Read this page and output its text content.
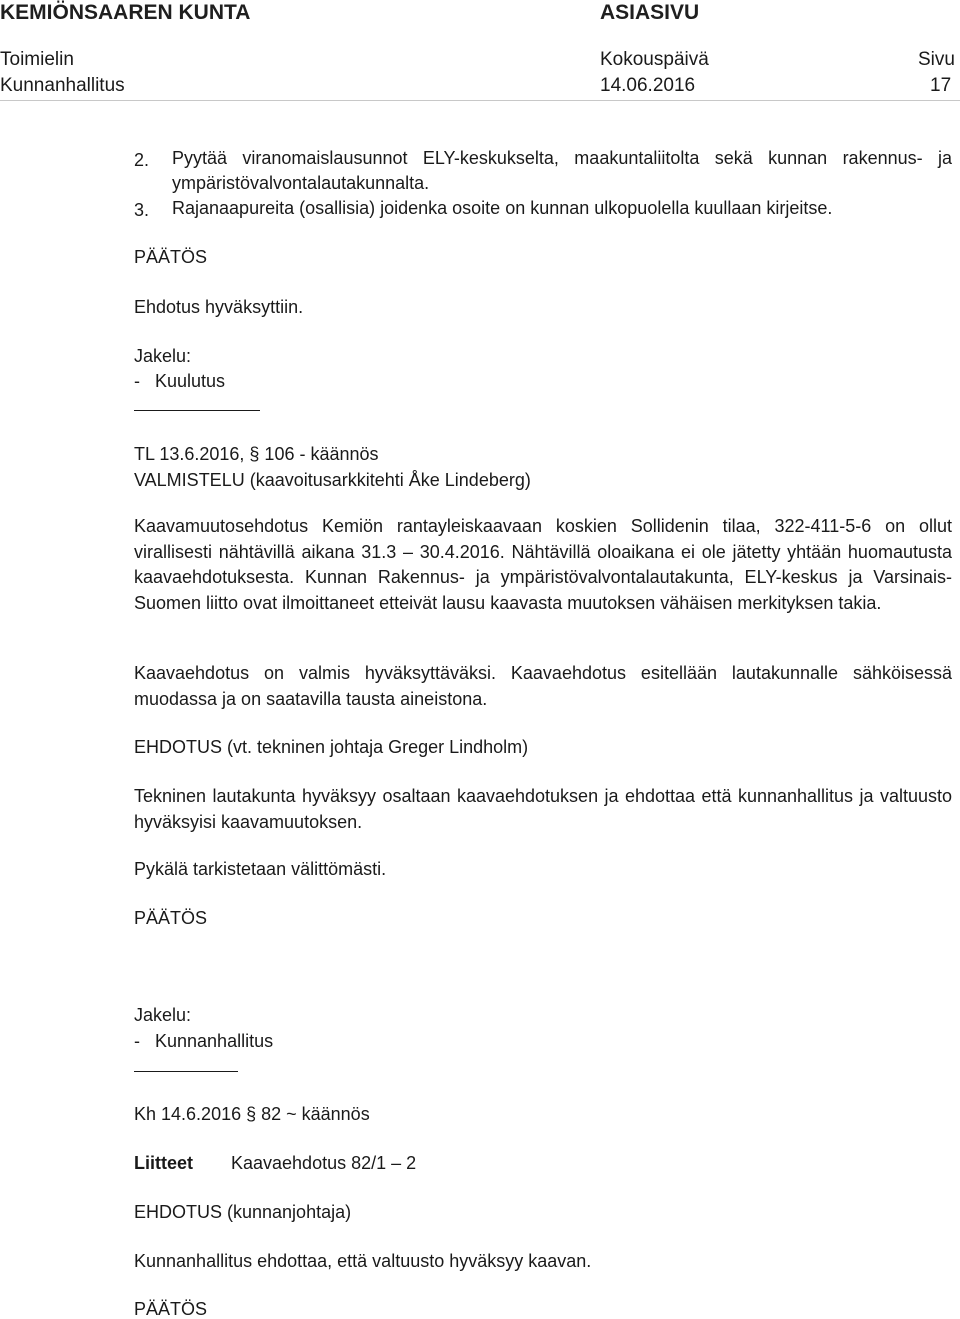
KEMIÖNSAAREN KUNTA	ASIASIVU
Toimielin	Kokouspäivä	Sivu
Kunnanhallitus	14.06.2016	17
2. Pyytää viranomaislausunnot ELY-keskukselta, maakuntaliitolta sekä kunnan rakennus- ja ympäristövalvontalautakunnalta.
3. Rajanaapureita (osallisia) joidenka osoite on kunnan ulkopuolella kuullaan kirjeitse.
PÄÄTÖS
Ehdotus hyväksyttiin.
Jakelu:
-   Kuulutus
TL 13.6.2016, § 106 - käännös
VALMISTELU (kaavoitusarkkitehti Åke Lindeberg)
Kaavamuutosehdotus Kemiön rantayleiskaavaan koskien Sollidenin tilaa, 322-411-5-6 on ollut virallisesti nähtävillä aikana 31.3 – 30.4.2016. Nähtävillä oloaikana ei ole jätetty yhtään huomautusta kaavaehdotuksesta. Kunnan Rakennus- ja ympäristövalvontalautakunta, ELY-keskus ja Varsinais-Suomen liitto ovat ilmoittaneet etteivät lausu kaavasta muutoksen vähäisen merkityksen takia.
Kaavaehdotus on valmis hyväksyttäväksi. Kaavaehdotus esitellään lautakunnalle sähköisessä muodassa ja on saatavilla tausta aineistona.
EHDOTUS (vt. tekninen johtaja Greger Lindholm)
Tekninen lautakunta hyväksyy osaltaan kaavaehdotuksen ja ehdottaa että kunnanhallitus ja valtuusto hyväksyisi kaavamuutoksen.
Pykälä tarkistetaan välittömästi.
PÄÄTÖS
Jakelu:
-   Kunnanhallitus
Kh 14.6.2016 § 82 ~ käännös
Liitteet Kaavaehdotus 82/1 – 2
EHDOTUS (kunnanjohtaja)
Kunnanhallitus ehdottaa, että valtuusto hyväksyy kaavan.
PÄÄTÖS
